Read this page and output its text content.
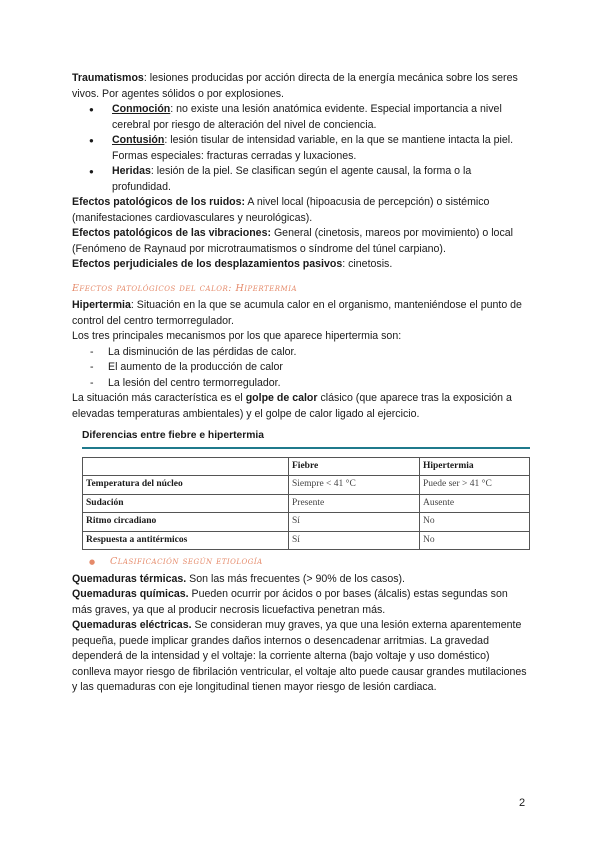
Traumatismos: lesiones producidas por acción directa de la energía mecánica sobre los seres vivos. Por agentes sólidos o por explosiones.

● Conmoción: no existe una lesión anatómica evidente. Especial importancia a nivel cerebral por riesgo de alteración del nivel de conciencia.
● Contusión: lesión tisular de intensidad variable, en la que se mantiene intacta la piel. Formas especiales: fracturas cerradas y luxaciones.
● Heridas: lesión de la piel. Se clasifican según el agente causal, la forma o la profundidad.

Efectos patológicos de los ruidos: A nivel local (hipoacusia de percepción) o sistémico (manifestaciones cardiovasculares y neurológicas).

Efectos patológicos de las vibraciones: General (cinetosis, mareos por movimiento) o local (Fenómeno de Raynaud por microtraumatismos o síndrome del túnel carpiano).

Efectos perjudiciales de los desplazamientos pasivos: cinetosis.

Efectos patológicos del calor: Hipertermia

Hipertermia: Situación en la que se acumula calor en el organismo, manteniéndose el punto de control del centro termorregulador.

Los tres principales mecanismos por los que aparece hipertermia son:

- La disminución de las pérdidas de calor.
- El aumento de la producción de calor
- La lesión del centro termorregulador.

La situación más característica es el golpe de calor clásico (que aparece tras la exposición a elevadas temperaturas ambientales) y el golpe de calor ligado al ejercicio.

Diferencias entre fiebre e hipertermia
	Fiebre	Hipertermia
Temperatura del núcleo	Siempre < 41 °C	Puede ser > 41 °C
Sudación	Presente	Ausente
Ritmo circadiano	Sí	No
Respuesta a antitérmicos	Sí	No
● Clasificación según etiología

Quemaduras térmicas. Son las más frecuentes (> 90% de los casos).

Quemaduras químicas. Pueden ocurrir por ácidos o por bases (álcalis) estas segundas son más graves, ya que al producir necrosis licuefactiva penetran más.

Quemaduras eléctricas. Se consideran muy graves, ya que una lesión externa aparentemente pequeña, puede implicar grandes daños internos o desencadenar arritmias. La gravedad dependerá de la intensidad y el voltaje: la corriente alterna (bajo voltaje y uso doméstico) conlleva mayor riesgo de fibrilación ventricular, el voltaje alto puede causar grandes mutilaciones y las quemaduras con eje longitudinal tienen mayor riesgo de lesión cardiaca.

2
